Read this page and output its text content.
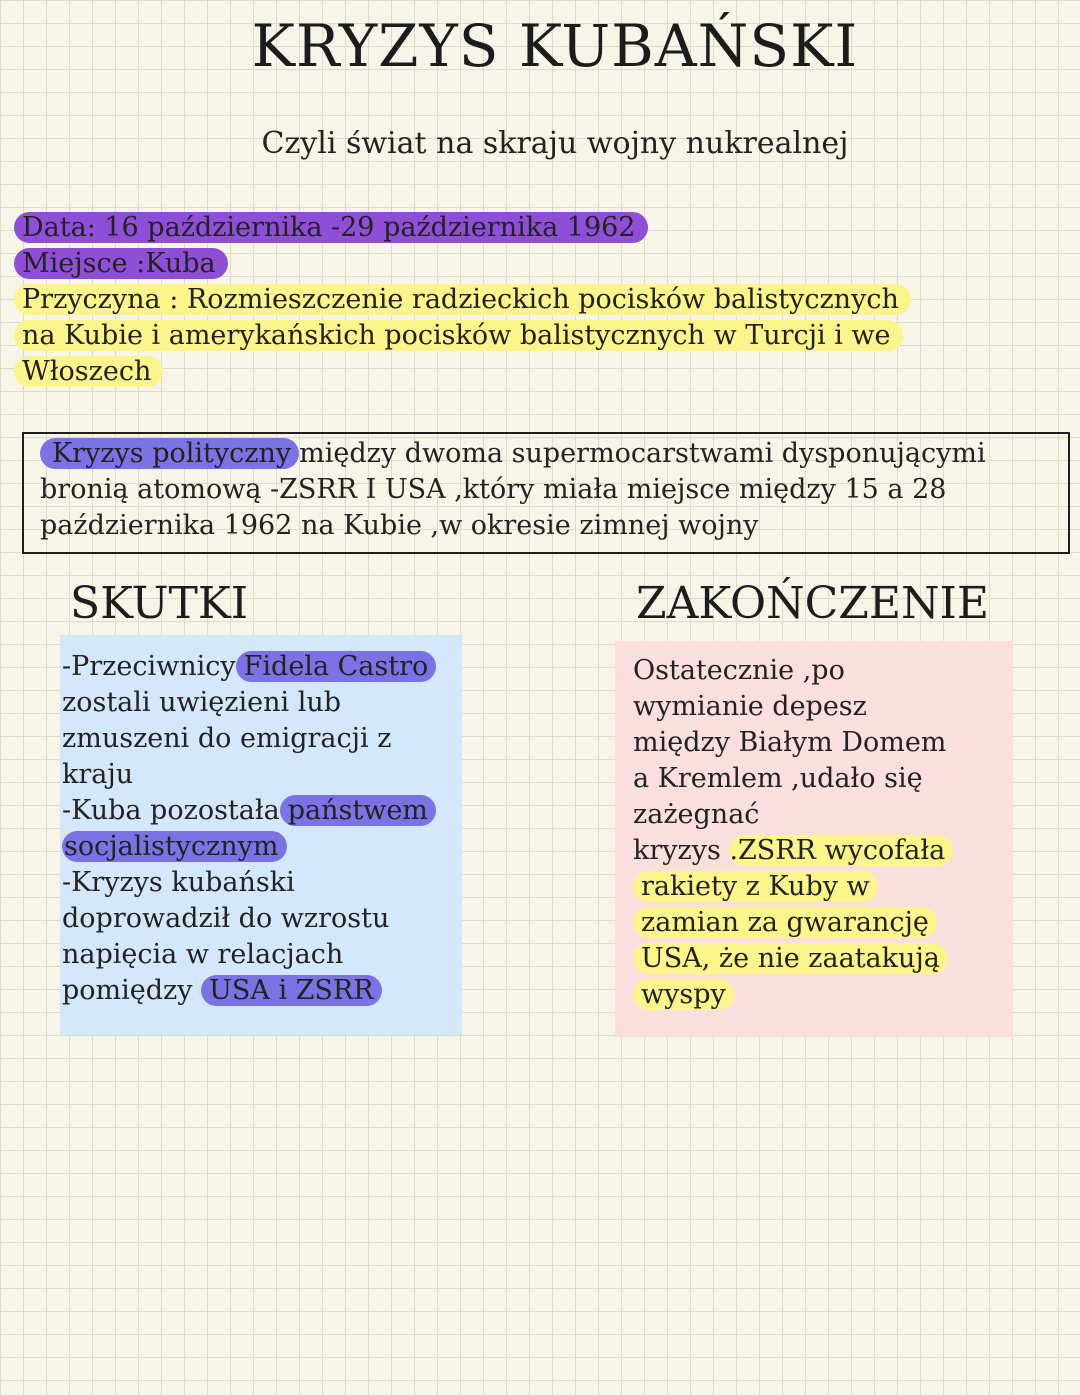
KRYZYS KUBAŃSKI
Czyli świat na skraju wojny nukrealnej
Data: 16 października -29 października 1962
Miejsce :Kuba
Przyczyna : Rozmieszczenie radzieckich pocisków balistycznych
na Kubie i amerykańskich pocisków balistycznych w Turcji i we
Włoszech
Kryzys polityczny między dwoma supermocarstwami dysponującymi
bronią atomową -ZSRR I USA ,który miała miejsce między 15 a 28
października 1962 na Kubie ,w okresie zimnej wojny
SKUTKI	ZAKOŃCZENIE
-Przeciwnicy Fidela Castro
zostali uwięzieni lub
zmuszeni do emigracji z
kraju
-Kuba pozostała państwem
socjalistycznym
-Kryzys kubański
doprowadził do wzrostu
napięcia w relacjach
pomiędzy USA i ZSRR
Ostatecznie ,po
wymianie depesz
między Białym Domem
a Kremlem ,udało się
zażegnać
kryzys .ZSRR wycofała
rakiety z Kuby w
zamian za gwarancję
USA, że nie zaatakują
wyspy
